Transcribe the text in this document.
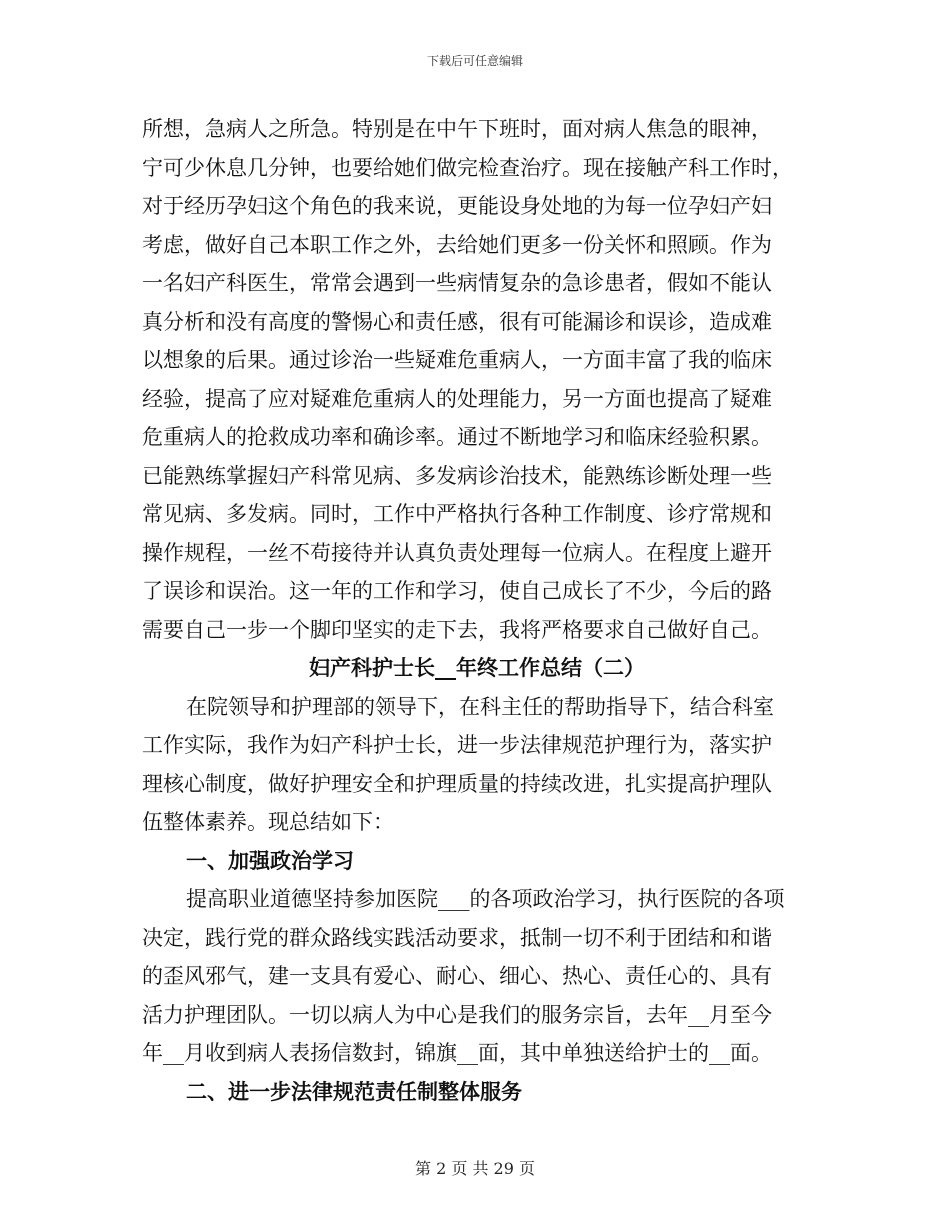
下载后可任意编辑
所想，急病人之所急。特别是在中午下班时，面对病人焦急的眼神，
宁可少休息几分钟，也要给她们做完检查治疗。现在接触产科工作时，
对于经历孕妇这个角色的我来说，更能设身处地的为每一位孕妇产妇
考虑，做好自己本职工作之外，去给她们更多一份关怀和照顾。作为
一名妇产科医生，常常会遇到一些病情复杂的急诊患者，假如不能认
真分析和没有高度的警惕心和责任感，很有可能漏诊和误诊，造成难
以想象的后果。通过诊治一些疑难危重病人，一方面丰富了我的临床
经验，提高了应对疑难危重病人的处理能力，另一方面也提高了疑难
危重病人的抢救成功率和确诊率。通过不断地学习和临床经验积累。
已能熟练掌握妇产科常见病、多发病诊治技术，能熟练诊断处理一些
常见病、多发病。同时，工作中严格执行各种工作制度、诊疗常规和
操作规程，一丝不苟接待并认真负责处理每一位病人。在程度上避开
了误诊和误治。这一年的工作和学习，使自己成长了不少，今后的路
需要自己一步一个脚印坚实的走下去，我将严格要求自己做好自己。
妇产科护士长__年终工作总结（二）
在院领导和护理部的领导下，在科主任的帮助指导下，结合科室
工作实际，我作为妇产科护士长，进一步法律规范护理行为，落实护
理核心制度，做好护理安全和护理质量的持续改进，扎实提高护理队
伍整体素养。现总结如下：
一、加强政治学习
提高职业道德坚持参加医院___的各项政治学习，执行医院的各项
决定，践行党的群众路线实践活动要求，抵制一切不利于团结和和谐
的歪风邪气，建一支具有爱心、耐心、细心、热心、责任心的、具有
活力护理团队。一切以病人为中心是我们的服务宗旨，去年__月至今
年__月收到病人表扬信数封，锦旗__面，其中单独送给护士的__面。
二、进一步法律规范责任制整体服务
第 2 页 共 29 页
